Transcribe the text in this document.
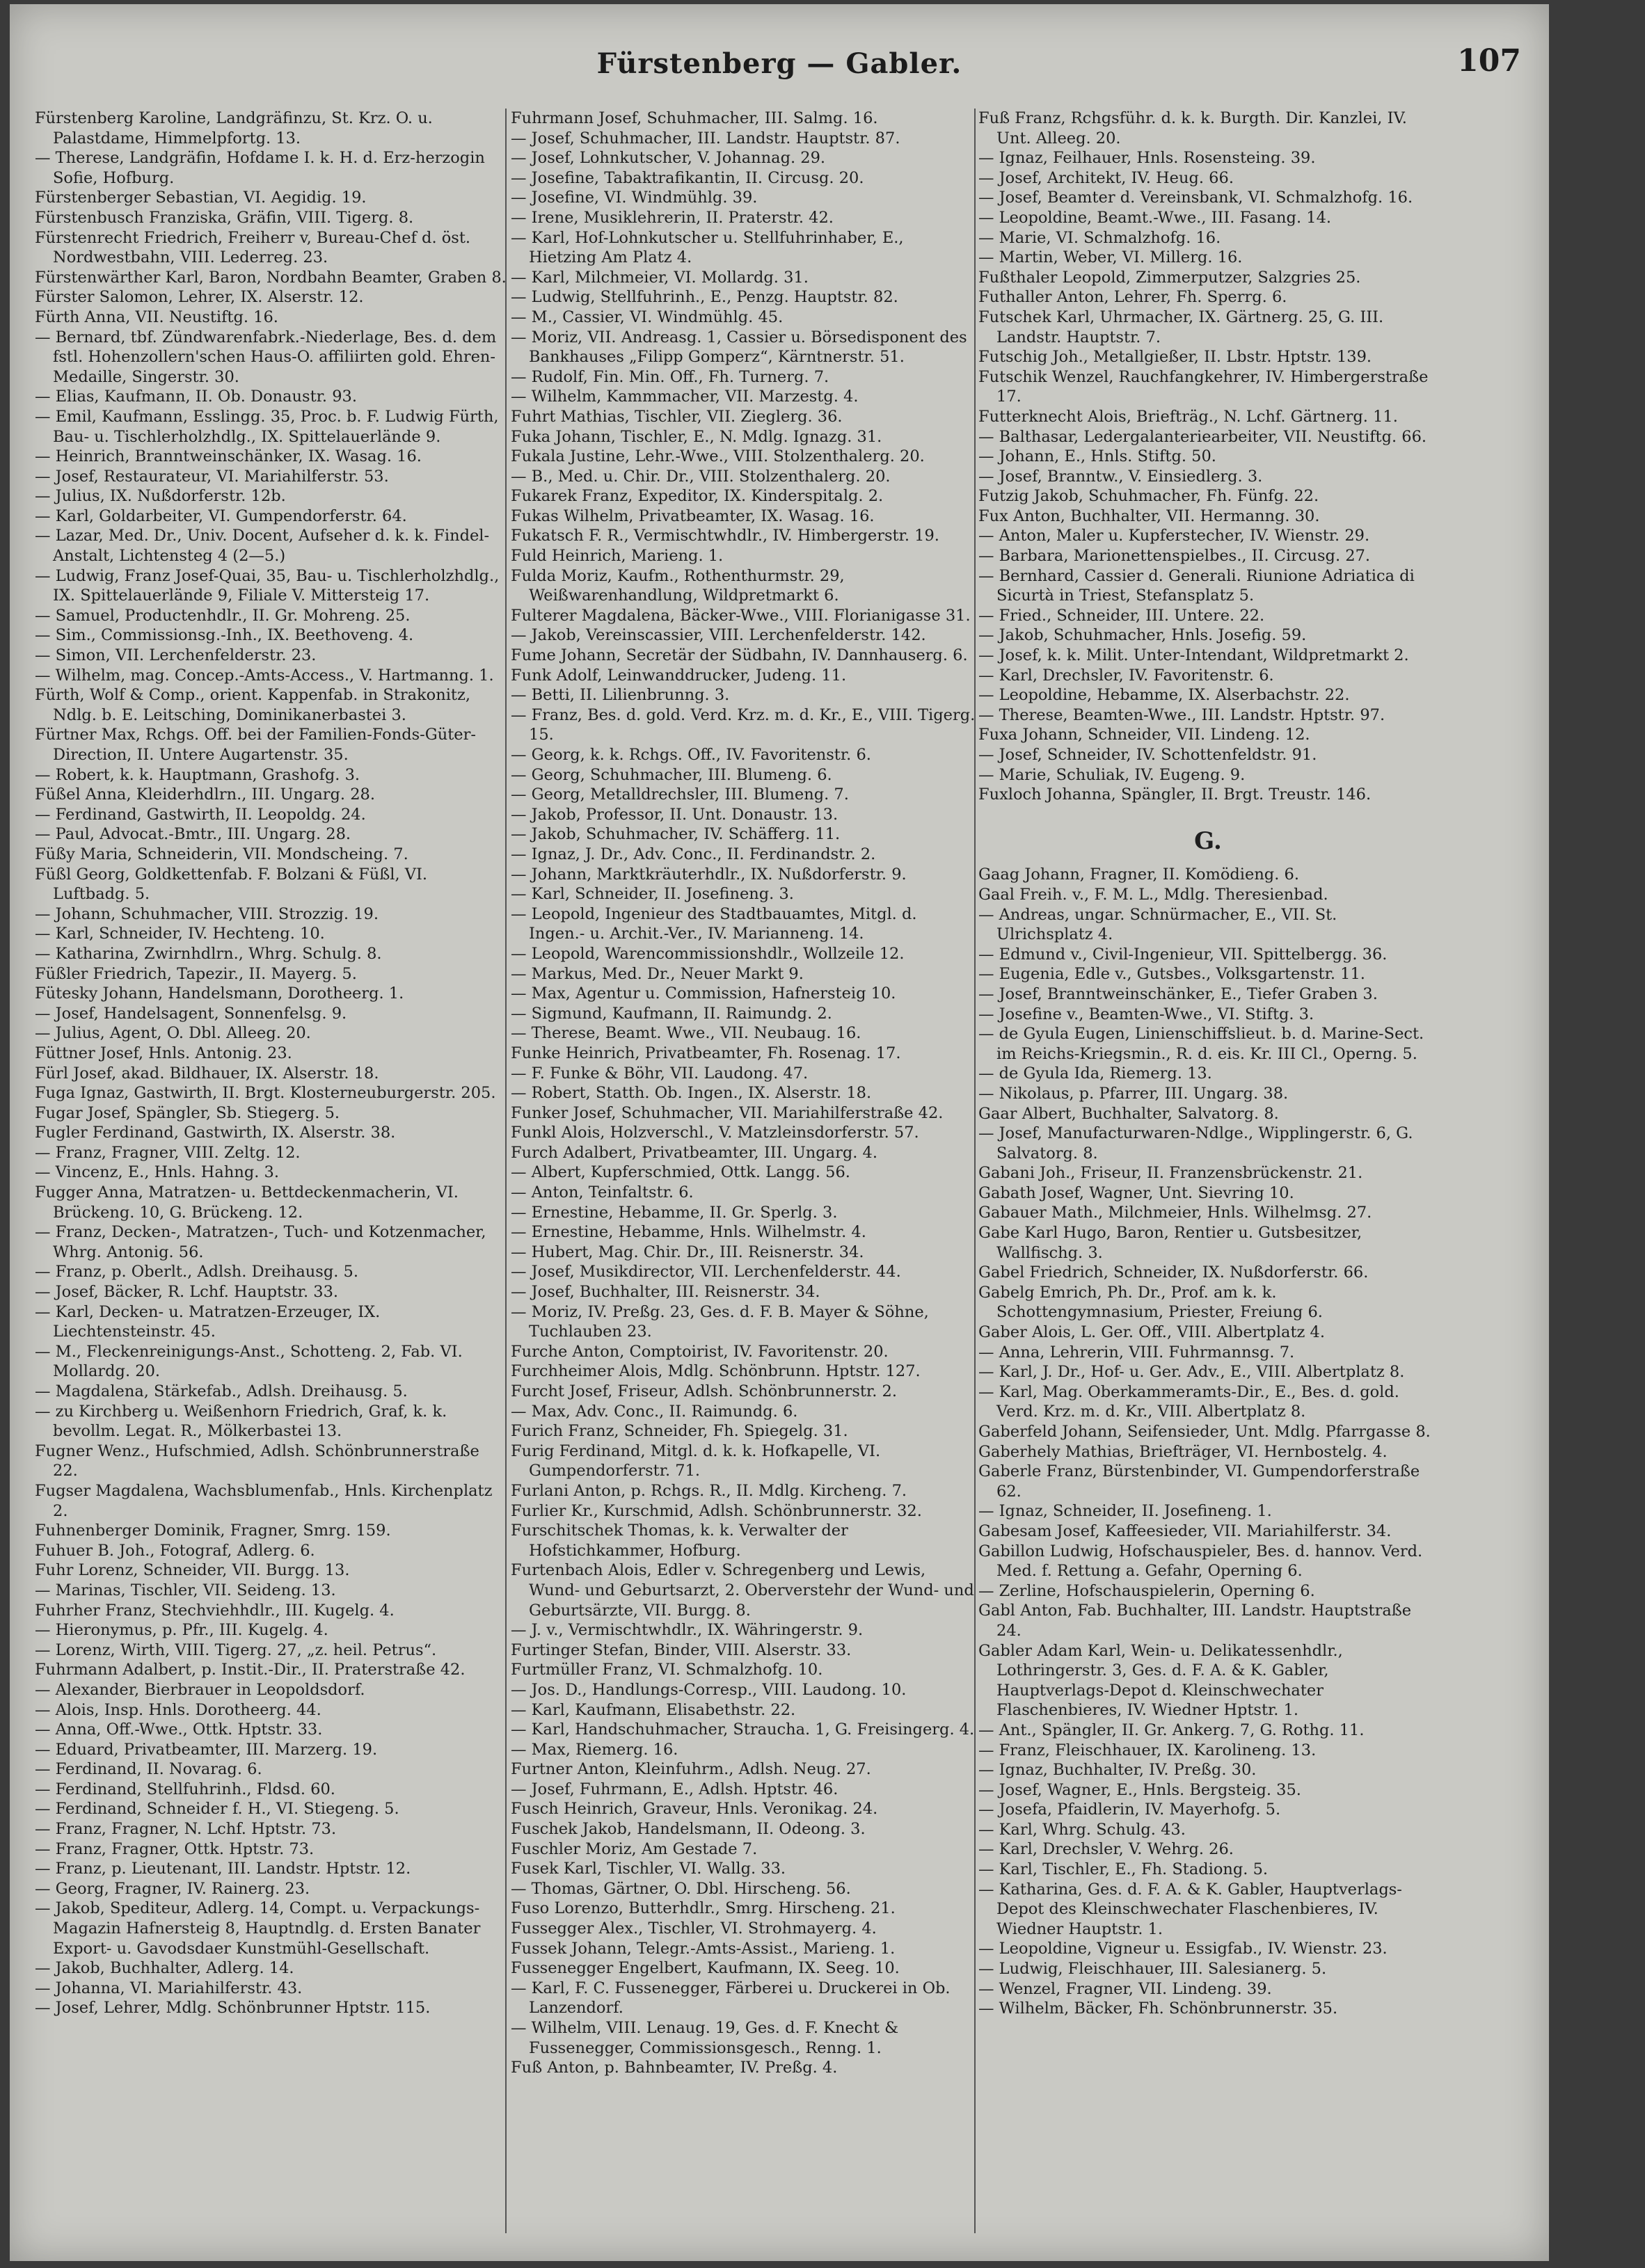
Fürstenberg — Gabler.	107

Fürstenberg Karoline, Landgräfinzu, St. Krz. O. u. Palastdame, Himmelpfortg. 13.

— Therese, Landgräfin, Hofdame I. k. H. d. Erz-herzogin Sofie, Hofburg.

Fürstenberger Sebastian, VI. Aegidig. 19.

Fürstenbusch Franziska, Gräfin, VIII. Tigerg. 8.

Fürstenrecht Friedrich, Freiherr v, Bureau-Chef d. öst. Nordwestbahn, VIII. Lederreg. 23.

Fürstenwärther Karl, Baron, Nordbahn Beamter, Graben 8.

Fürster Salomon, Lehrer, IX. Alserstr. 12.

Fürth Anna, VII. Neustiftg. 16.

— Bernard, tbf. Zündwarenfabrk.-Niederlage, Bes. d. dem fstl. Hohenzollern'schen Haus-O. affiliirten gold. Ehren-Medaille, Singerstr. 30.

— Elias, Kaufmann, II. Ob. Donaustr. 93.

— Emil, Kaufmann, Esslingg. 35, Proc. b. F. Ludwig Fürth, Bau- u. Tischlerholzhdlg., IX. Spittelauerlände 9.

— Heinrich, Branntweinschänker, IX. Wasag. 16.

— Josef, Restaurateur, VI. Mariahilferstr. 53.

— Julius, IX. Nußdorferstr. 12b.

— Karl, Goldarbeiter, VI. Gumpendorferstr. 64.

— Lazar, Med. Dr., Univ. Docent, Aufseher d. k. k. Findel-Anstalt, Lichtensteg 4 (2—5.)

— Ludwig, Franz Josef-Quai, 35, Bau- u. Tischlerholzhdlg., IX. Spittelauerlände 9, Filiale V. Mittersteig 17.

— Samuel, Productenhdlr., II. Gr. Mohreng. 25.

— Sim., Commissionsg.-Inh., IX. Beethoveng. 4.

— Simon, VII. Lerchenfelderstr. 23.

— Wilhelm, mag. Concep.-Amts-Access., V. Hartmanng. 1.

Fürth, Wolf & Comp., orient. Kappenfab. in Strakonitz, Ndlg. b. E. Leitsching, Dominikanerbastei 3.

Fürtner Max, Rchgs. Off. bei der Familien-Fonds-Güter-Direction, II. Untere Augartenstr. 35.

— Robert, k. k. Hauptmann, Grashofg. 3.

Füßel Anna, Kleiderhdlrn., III. Ungarg. 28.

— Ferdinand, Gastwirth, II. Leopoldg. 24.

— Paul, Advocat.-Bmtr., III. Ungarg. 28.

Füßy Maria, Schneiderin, VII. Mondscheing. 7.

Füßl Georg, Goldkettenfab. F. Bolzani & Füßl, VI. Luftbadg. 5.

— Johann, Schuhmacher, VIII. Strozzig. 19.

— Karl, Schneider, IV. Hechteng. 10.

— Katharina, Zwirnhdlrn., Whrg. Schulg. 8.

Füßler Friedrich, Tapezir., II. Mayerg. 5.

Fütesky Johann, Handelsmann, Dorotheerg. 1.

— Josef, Handelsagent, Sonnenfelsg. 9.

— Julius, Agent, O. Dbl. Alleeg. 20.

Füttner Josef, Hnls. Antonig. 23.

Fürl Josef, akad. Bildhauer, IX. Alserstr. 18.

Fuga Ignaz, Gastwirth, II. Brgt. Klosterneuburgerstr. 205.

Fugar Josef, Spängler, Sb. Stiegerg. 5.

Fugler Ferdinand, Gastwirth, IX. Alserstr. 38.

— Franz, Fragner, VIII. Zeltg. 12.

— Vincenz, E., Hnls. Hahng. 3.

Fugger Anna, Matratzen- u. Bettdeckenmacherin, VI. Brückeng. 10, G. Brückeng. 12.

— Franz, Decken-, Matratzen-, Tuch- und Kotzenmacher, Whrg. Antonig. 56.

— Franz, p. Oberlt., Adlsh. Dreihausg. 5.

— Josef, Bäcker, R. Lchf. Hauptstr. 33.

— Karl, Decken- u. Matratzen-Erzeuger, IX. Liechtensteinstr. 45.

— M., Fleckenreinigungs-Anst., Schotteng. 2, Fab. VI. Mollardg. 20.

— Magdalena, Stärkefab., Adlsh. Dreihausg. 5.

— zu Kirchberg u. Weißenhorn Friedrich, Graf, k. k. bevollm. Legat. R., Mölkerbastei 13.

Fugner Wenz., Hufschmied, Adlsh. Schönbrunnerstraße 22.

Fugser Magdalena, Wachsblumenfab., Hnls. Kirchenplatz 2.

Fuhnenberger Dominik, Fragner, Smrg. 159.

Fuhuer B. Joh., Fotograf, Adlerg. 6.

Fuhr Lorenz, Schneider, VII. Burgg. 13.

— Marinas, Tischler, VII. Seideng. 13.

Fuhrher Franz, Stechviehhdlr., III. Kugelg. 4.

— Hieronymus, p. Pfr., III. Kugelg. 4.

— Lorenz, Wirth, VIII. Tigerg. 27, „z. heil. Petrus“.

Fuhrmann Adalbert, p. Instit.-Dir., II. Praterstraße 42.

— Alexander, Bierbrauer in Leopoldsdorf.

— Alois, Insp. Hnls. Dorotheerg. 44.

— Anna, Off.-Wwe., Ottk. Hptstr. 33.

— Eduard, Privatbeamter, III. Marzerg. 19.

— Ferdinand, II. Novarag. 6.

— Ferdinand, Stellfuhrinh., Fldsd. 60.

— Ferdinand, Schneider f. H., VI. Stiegeng. 5.

— Franz, Fragner, N. Lchf. Hptstr. 73.

— Franz, Fragner, Ottk. Hptstr. 73.

— Franz, p. Lieutenant, III. Landstr. Hptstr. 12.

— Georg, Fragner, IV. Rainerg. 23.

— Jakob, Spediteur, Adlerg. 14, Compt. u. Verpackungs-Magazin Hafnersteig 8, Hauptndlg. d. Ersten Banater Export- u. Gavodsdaer Kunstmühl-Gesellschaft.

— Jakob, Buchhalter, Adlerg. 14.

— Johanna, VI. Mariahilferstr. 43.

— Josef, Lehrer, Mdlg. Schönbrunner Hptstr. 115.

Fuhrmann Josef, Schuhmacher, III. Salmg. 16.

— Josef, Schuhmacher, III. Landstr. Hauptstr. 87.

— Josef, Lohnkutscher, V. Johannag. 29.

— Josefine, Tabaktrafikantin, II. Circusg. 20.

— Josefine, VI. Windmühlg. 39.

— Irene, Musiklehrerin, II. Praterstr. 42.

— Karl, Hof-Lohnkutscher u. Stellfuhrinhaber, E., Hietzing Am Platz 4.

— Karl, Milchmeier, VI. Mollardg. 31.

— Ludwig, Stellfuhrinh., E., Penzg. Hauptstr. 82.

— M., Cassier, VI. Windmühlg. 45.

— Moriz, VII. Andreasg. 1, Cassier u. Börsedisponent des Bankhauses „Filipp Gomperz“, Kärntnerstr. 51.

— Rudolf, Fin. Min. Off., Fh. Turnerg. 7.

— Wilhelm, Kammmacher, VII. Marzestg. 4.

Fuhrt Mathias, Tischler, VII. Zieglerg. 36.

Fuka Johann, Tischler, E., N. Mdlg. Ignazg. 31.

Fukala Justine, Lehr.-Wwe., VIII. Stolzenthalerg. 20.

— B., Med. u. Chir. Dr., VIII. Stolzenthalerg. 20.

Fukarek Franz, Expeditor, IX. Kinderspitalg. 2.

Fukas Wilhelm, Privatbeamter, IX. Wasag. 16.

Fukatsch F. R., Vermischtwhdlr., IV. Himbergerstr. 19.

Fuld Heinrich, Marieng. 1.

Fulda Moriz, Kaufm., Rothenthurmstr. 29, Weißwarenhandlung, Wildpretmarkt 6.

Fulterer Magdalena, Bäcker-Wwe., VIII. Florianigasse 31.

— Jakob, Vereinscassier, VIII. Lerchenfelderstr. 142.

Fume Johann, Secretär der Südbahn, IV. Dannhauserg. 6.

Funk Adolf, Leinwanddrucker, Judeng. 11.

— Betti, II. Lilienbrunng. 3.

— Franz, Bes. d. gold. Verd. Krz. m. d. Kr., E., VIII. Tigerg. 15.

— Georg, k. k. Rchgs. Off., IV. Favoritenstr. 6.

— Georg, Schuhmacher, III. Blumeng. 6.

— Georg, Metalldrechsler, III. Blumeng. 7.

— Jakob, Professor, II. Unt. Donaustr. 13.

— Jakob, Schuhmacher, IV. Schäfferg. 11.

— Ignaz, J. Dr., Adv. Conc., II. Ferdinandstr. 2.

— Johann, Marktkräuterhdlr., IX. Nußdorferstr. 9.

— Karl, Schneider, II. Josefineng. 3.

— Leopold, Ingenieur des Stadtbauamtes, Mitgl. d. Ingen.- u. Archit.-Ver., IV. Marianneng. 14.

— Leopold, Warencommissionshdlr., Wollzeile 12.

— Markus, Med. Dr., Neuer Markt 9.

— Max, Agentur u. Commission, Hafnersteig 10.

— Sigmund, Kaufmann, II. Raimundg. 2.

— Therese, Beamt. Wwe., VII. Neubaug. 16.

Funke Heinrich, Privatbeamter, Fh. Rosenag. 17.

— F. Funke & Böhr, VII. Laudong. 47.

— Robert, Statth. Ob. Ingen., IX. Alserstr. 18.

Funker Josef, Schuhmacher, VII. Mariahilferstraße 42.

Funkl Alois, Holzverschl., V. Matzleinsdorferstr. 57.

Furch Adalbert, Privatbeamter, III. Ungarg. 4.

— Albert, Kupferschmied, Ottk. Langg. 56.

— Anton, Teinfaltstr. 6.

— Ernestine, Hebamme, II. Gr. Sperlg. 3.

— Ernestine, Hebamme, Hnls. Wilhelmstr. 4.

— Hubert, Mag. Chir. Dr., III. Reisnerstr. 34.

— Josef, Musikdirector, VII. Lerchenfelderstr. 44.

— Josef, Buchhalter, III. Reisnerstr. 34.

— Moriz, IV. Preßg. 23, Ges. d. F. B. Mayer & Söhne, Tuchlauben 23.

Furche Anton, Comptoirist, IV. Favoritenstr. 20.

Furchheimer Alois, Mdlg. Schönbrunn. Hptstr. 127.

Furcht Josef, Friseur, Adlsh. Schönbrunnerstr. 2.

— Max, Adv. Conc., II. Raimundg. 6.

Furich Franz, Schneider, Fh. Spiegelg. 31.

Furig Ferdinand, Mitgl. d. k. k. Hofkapelle, VI. Gumpendorferstr. 71.

Furlani Anton, p. Rchgs. R., II. Mdlg. Kircheng. 7.

Furlier Kr., Kurschmid, Adlsh. Schönbrunnerstr. 32.

Furschitschek Thomas, k. k. Verwalter der Hofstichkammer, Hofburg.

Furtenbach Alois, Edler v. Schregenberg und Lewis, Wund- und Geburtsarzt, 2. Oberverstehr der Wund- und Geburtsärzte, VII. Burgg. 8.

— J. v., Vermischtwhdlr., IX. Währingerstr. 9.

Furtinger Stefan, Binder, VIII. Alserstr. 33.

Furtmüller Franz, VI. Schmalzhofg. 10.

— Jos. D., Handlungs-Corresp., VIII. Laudong. 10.

— Karl, Kaufmann, Elisabethstr. 22.

— Karl, Handschuhmacher, Straucha. 1, G. Freisingerg. 4.

— Max, Riemerg. 16.

Furtner Anton, Kleinfuhrm., Adlsh. Neug. 27.

— Josef, Fuhrmann, E., Adlsh. Hptstr. 46.

Fusch Heinrich, Graveur, Hnls. Veronikag. 24.

Fuschek Jakob, Handelsmann, II. Odeong. 3.

Fuschler Moriz, Am Gestade 7.

Fusek Karl, Tischler, VI. Wallg. 33.

— Thomas, Gärtner, O. Dbl. Hirscheng. 56.

Fuso Lorenzo, Butterhdlr., Smrg. Hirscheng. 21.

Fussegger Alex., Tischler, VI. Strohmayerg. 4.

Fussek Johann, Telegr.-Amts-Assist., Marieng. 1.

Fussenegger Engelbert, Kaufmann, IX. Seeg. 10.

— Karl, F. C. Fussenegger, Färberei u. Druckerei in Ob. Lanzendorf.

— Wilhelm, VIII. Lenaug. 19, Ges. d. F. Knecht & Fussenegger, Commissionsgesch., Renng. 1.

Fuß Anton, p. Bahnbeamter, IV. Preßg. 4.

Fuß Franz, Rchgsführ. d. k. k. Burgth. Dir. Kanzlei, IV. Unt. Alleeg. 20.

— Ignaz, Feilhauer, Hnls. Rosensteing. 39.

— Josef, Architekt, IV. Heug. 66.

— Josef, Beamter d. Vereinsbank, VI. Schmalzhofg. 16.

— Leopoldine, Beamt.-Wwe., III. Fasang. 14.

— Marie, VI. Schmalzhofg. 16.

— Martin, Weber, VI. Millerg. 16.

Fußthaler Leopold, Zimmerputzer, Salzgries 25.

Futhaller Anton, Lehrer, Fh. Sperrg. 6.

Futschek Karl, Uhrmacher, IX. Gärtnerg. 25, G. III. Landstr. Hauptstr. 7.

Futschig Joh., Metallgießer, II. Lbstr. Hptstr. 139.

Futschik Wenzel, Rauchfangkehrer, IV. Himbergerstraße 17.

Futterknecht Alois, Briefträg., N. Lchf. Gärtnerg. 11.

— Balthasar, Ledergalanteriearbeiter, VII. Neustiftg. 66.

— Johann, E., Hnls. Stiftg. 50.

— Josef, Branntw., V. Einsiedlerg. 3.

Futzig Jakob, Schuhmacher, Fh. Fünfg. 22.

Fux Anton, Buchhalter, VII. Hermanng. 30.

— Anton, Maler u. Kupferstecher, IV. Wienstr. 29.

— Barbara, Marionettenspielbes., II. Circusg. 27.

— Bernhard, Cassier d. Generali. Riunione Adriatica di Sicurtà in Triest, Stefansplatz 5.

— Fried., Schneider, III. Untere. 22.

— Jakob, Schuhmacher, Hnls. Josefig. 59.

— Josef, k. k. Milit. Unter-Intendant, Wildpretmarkt 2.

— Karl, Drechsler, IV. Favoritenstr. 6.

— Leopoldine, Hebamme, IX. Alserbachstr. 22.

— Therese, Beamten-Wwe., III. Landstr. Hptstr. 97.

Fuxa Johann, Schneider, VII. Lindeng. 12.

— Josef, Schneider, IV. Schottenfeldstr. 91.

— Marie, Schuliak, IV. Eugeng. 9.

Fuxloch Johanna, Spängler, II. Brgt. Treustr. 146.

G.

Gaag Johann, Fragner, II. Komödieng. 6.

Gaal Freih. v., F. M. L., Mdlg. Theresienbad.

— Andreas, ungar. Schnürmacher, E., VII. St. Ulrichsplatz 4.

— Edmund v., Civil-Ingenieur, VII. Spittelbergg. 36.

— Eugenia, Edle v., Gutsbes., Volksgartenstr. 11.

— Josef, Branntweinschänker, E., Tiefer Graben 3.

— Josefine v., Beamten-Wwe., VI. Stiftg. 3.

— de Gyula Eugen, Linienschiffslieut. b. d. Marine-Sect. im Reichs-Kriegsmin., R. d. eis. Kr. III Cl., Operng. 5.

— de Gyula Ida, Riemerg. 13.

— Nikolaus, p. Pfarrer, III. Ungarg. 38.

Gaar Albert, Buchhalter, Salvatorg. 8.

— Josef, Manufacturwaren-Ndlge., Wipplingerstr. 6, G. Salvatorg. 8.

Gabani Joh., Friseur, II. Franzensbrückenstr. 21.

Gabath Josef, Wagner, Unt. Sievring 10.

Gabauer Math., Milchmeier, Hnls. Wilhelmsg. 27.

Gabe Karl Hugo, Baron, Rentier u. Gutsbesitzer, Wallfischg. 3.

Gabel Friedrich, Schneider, IX. Nußdorferstr. 66.

Gabelg Emrich, Ph. Dr., Prof. am k. k. Schottengymnasium, Priester, Freiung 6.

Gaber Alois, L. Ger. Off., VIII. Albertplatz 4.

— Anna, Lehrerin, VIII. Fuhrmannsg. 7.

— Karl, J. Dr., Hof- u. Ger. Adv., E., VIII. Albertplatz 8.

— Karl, Mag. Oberkammeramts-Dir., E., Bes. d. gold. Verd. Krz. m. d. Kr., VIII. Albertplatz 8.

Gaberfeld Johann, Seifensieder, Unt. Mdlg. Pfarrgasse 8.

Gaberhely Mathias, Briefträger, VI. Hernbostelg. 4.

Gaberle Franz, Bürstenbinder, VI. Gumpendorferstraße 62.

— Ignaz, Schneider, II. Josefineng. 1.

Gabesam Josef, Kaffeesieder, VII. Mariahilferstr. 34.

Gabillon Ludwig, Hofschauspieler, Bes. d. hannov. Verd. Med. f. Rettung a. Gefahr, Operning 6.

— Zerline, Hofschauspielerin, Operning 6.

Gabl Anton, Fab. Buchhalter, III. Landstr. Hauptstraße 24.

Gabler Adam Karl, Wein- u. Delikatessenhdlr., Lothringerstr. 3, Ges. d. F. A. & K. Gabler, Hauptverlags-Depot d. Kleinschwechater Flaschenbieres, IV. Wiedner Hptstr. 1.

— Ant., Spängler, II. Gr. Ankerg. 7, G. Rothg. 11.

— Franz, Fleischhauer, IX. Karolineng. 13.

— Ignaz, Buchhalter, IV. Preßg. 30.

— Josef, Wagner, E., Hnls. Bergsteig. 35.

— Josefa, Pfaidlerin, IV. Mayerhofg. 5.

— Karl, Whrg. Schulg. 43.

— Karl, Drechsler, V. Wehrg. 26.

— Karl, Tischler, E., Fh. Stadiong. 5.

— Katharina, Ges. d. F. A. & K. Gabler, Hauptverlags-Depot des Kleinschwechater Flaschenbieres, IV. Wiedner Hauptstr. 1.

— Leopoldine, Vigneur u. Essigfab., IV. Wienstr. 23.

— Ludwig, Fleischhauer, III. Salesianerg. 5.

— Wenzel, Fragner, VII. Lindeng. 39.

— Wilhelm, Bäcker, Fh. Schönbrunnerstr. 35.
